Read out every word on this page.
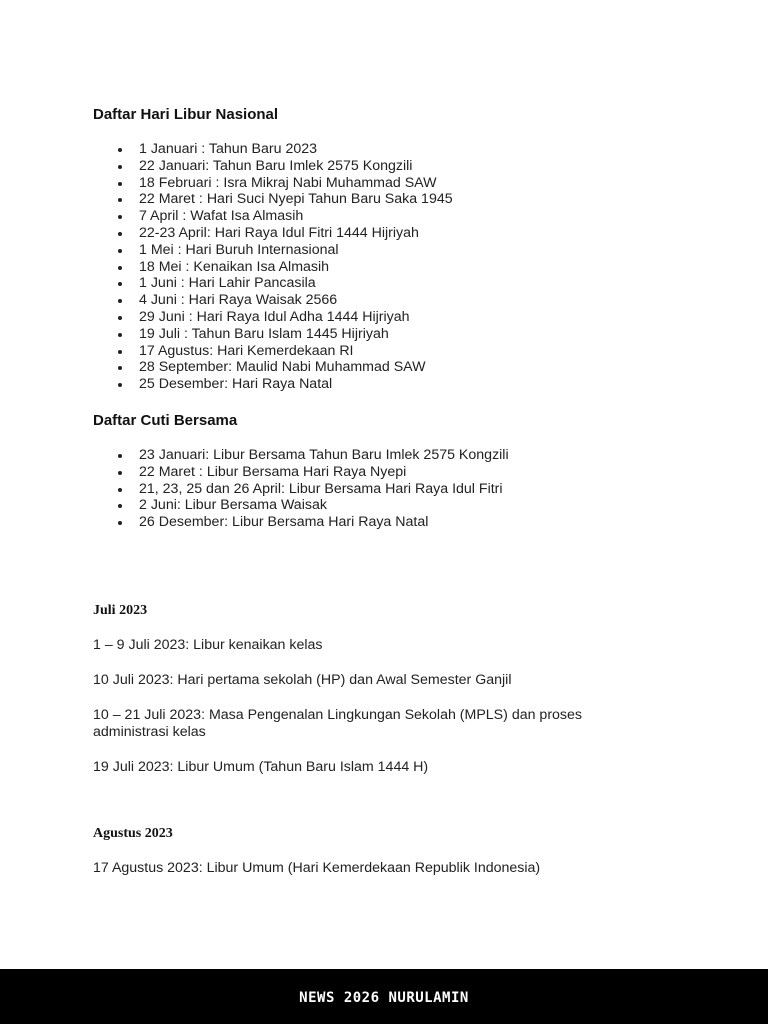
Daftar Hari Libur Nasional
1 Januari : Tahun Baru 2023
22 Januari: Tahun Baru Imlek 2575 Kongzili
18 Februari : Isra Mikraj Nabi Muhammad SAW
22 Maret : Hari Suci Nyepi Tahun Baru Saka 1945
7 April : Wafat Isa Almasih
22-23 April: Hari Raya Idul Fitri 1444 Hijriyah
1 Mei : Hari Buruh Internasional
18 Mei : Kenaikan Isa Almasih
1 Juni : Hari Lahir Pancasila
4 Juni : Hari Raya Waisak 2566
29 Juni : Hari Raya Idul Adha 1444 Hijriyah
19 Juli : Tahun Baru Islam 1445 Hijriyah
17 Agustus: Hari Kemerdekaan RI
28 September: Maulid Nabi Muhammad SAW
25 Desember: Hari Raya Natal
Daftar Cuti Bersama
23 Januari: Libur Bersama Tahun Baru Imlek 2575 Kongzili
22 Maret : Libur Bersama Hari Raya Nyepi
21, 23, 25 dan 26 April: Libur Bersama Hari Raya Idul Fitri
2 Juni: Libur Bersama Waisak
26 Desember: Libur Bersama Hari Raya Natal
Juli 2023

1 – 9 Juli 2023: Libur kenaikan kelas

10 Juli 2023: Hari pertama sekolah (HP) dan Awal Semester Ganjil

10 – 21 Juli 2023: Masa Pengenalan Lingkungan Sekolah (MPLS) dan proses administrasi kelas

19 Juli 2023: Libur Umum (Tahun Baru Islam 1444 H)

Agustus 2023

17 Agustus 2023: Libur Umum (Hari Kemerdekaan Republik Indonesia)

NEWS 2026 NURULAMIN
